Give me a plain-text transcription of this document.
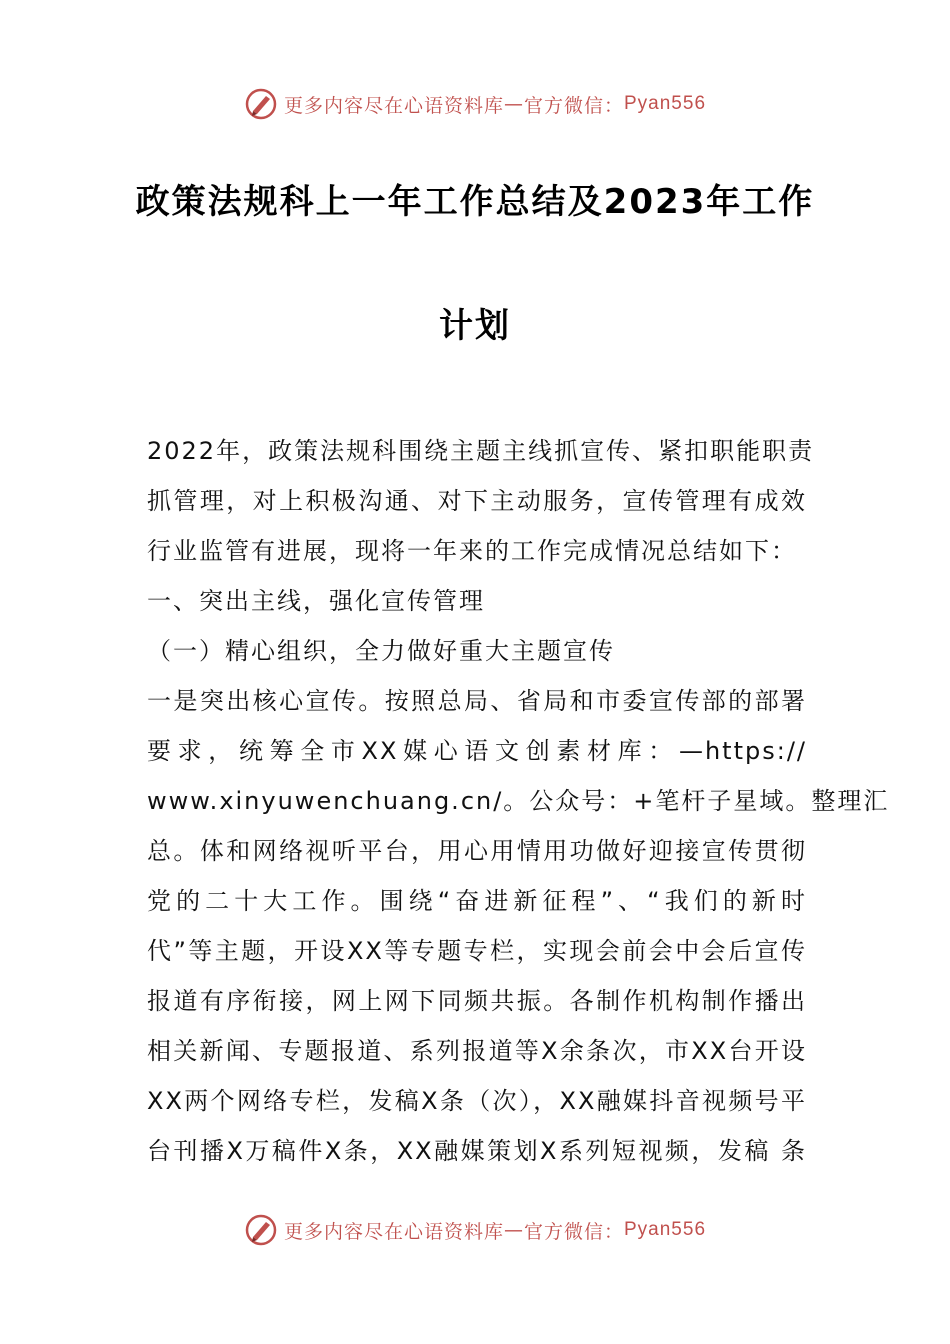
更多内容尽在心语资料库 — 官方微信： Pyan556
政策法规科上一年工作总结及2023年工作
计划
2022年，政策法规科围绕主题主线抓宣传、紧扣职能职责
抓管理，对上积极沟通、对下主动服务，宣传管理有成效
行业监管有进展，现将一年来的工作完成情况总结如下：
一、突出主线，强化宣传管理
（一）精心组织，全力做好重大主题宣传
一是突出核心宣传。按照总局、省局和市委宣传部的部署
要求，统筹全市XX媒心语文创素材库：—https://
www.xinyuwenchuang.cn/。公众号：+笔杆子星域。整理汇
总。体和网络视听平台，用心用情用功做好迎接宣传贯彻
党的二十大工作。围绕“奋进新征程”、“我们的新时
代”等主题，开设XX等专题专栏，实现会前会中会后宣传
报道有序衔接，网上网下同频共振。各制作机构制作播出
相关新闻、专题报道、系列报道等X余条次，市XX台开设
XX两个网络专栏，发稿X条（次），XX融媒抖音视频号平
台刊播X万稿件X条，XX融媒策划X系列短视频，发稿 条
更多内容尽在心语资料库 — 官方微信： Pyan556
